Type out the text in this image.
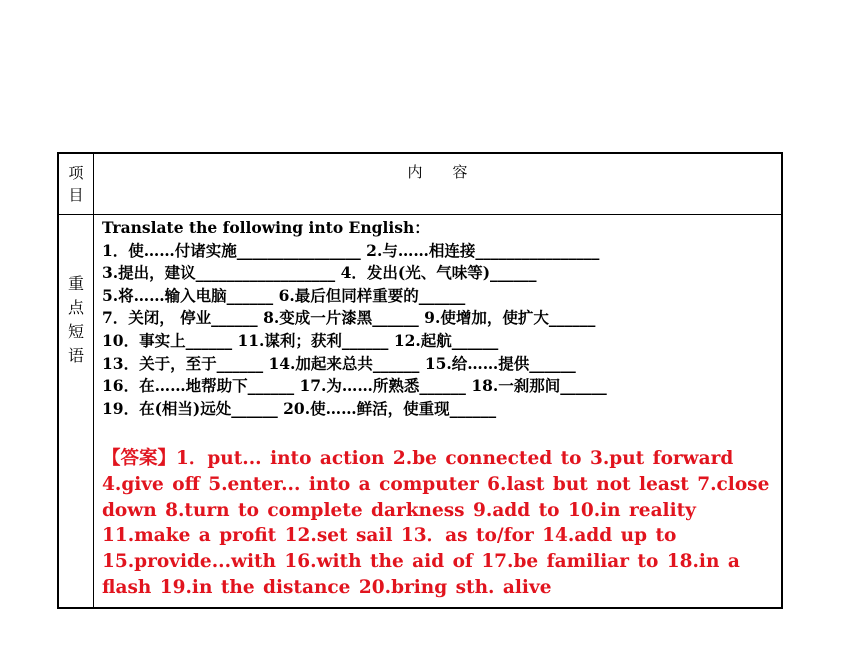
项
目
内容
重
点
短
语
Translate the following into English：
1．使……付诸实施________________ 2.与……相连接________________
3.提出，建议__________________ 4．发出(光、气味等)______
5.将……输入电脑______ 6.最后但同样重要的______
7．关闭， 停业______ 8.变成一片漆黑______ 9.使增加，使扩大______
10．事实上______ 11.谋利；获利______ 12.起航______
13．关于，至于______ 14.加起来总共______ 15.给……提供______
16．在……地帮助下______ 17.为……所熟悉______ 18.一刹那间______
19．在(相当)远处______ 20.使……鲜活，使重现______
【答案】1．put... into action 2.be connected to 3.put forward 4.give off 5.enter... into a computer 6.last but not least 7.close down 8.turn to complete darkness 9.add to 10.in reality 11.make a profit 12.set sail 13．as to/for 14.add up to 15.provide...with 16.with the aid of 17.be familiar to 18.in a flash 19.in the distance 20.bring sth. alive
